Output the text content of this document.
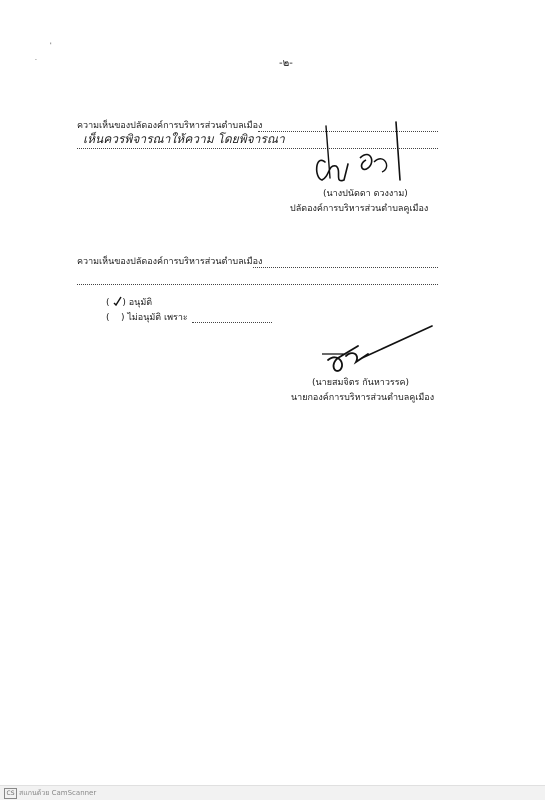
.
'
-๒-
ความเห็นของปลัดองค์การบริหารส่วนตำบลเมือง
เห็นควรพิจารณาให้ความ โดยพิจารณา
(นางปนัดดา ดวงงาม)
ปลัดองค์การบริหารส่วนตำบลคูเมือง
ความเห็นของปลัดองค์การบริหารส่วนตำบลเมือง
( ) อนุมัติ
(    ) ไม่อนุมัติ เพราะ
(นายสมจิตร กันหาวรรค)
นายกองค์การบริหารส่วนตำบลคูเมือง
CS สแกนด้วย CamScanner
